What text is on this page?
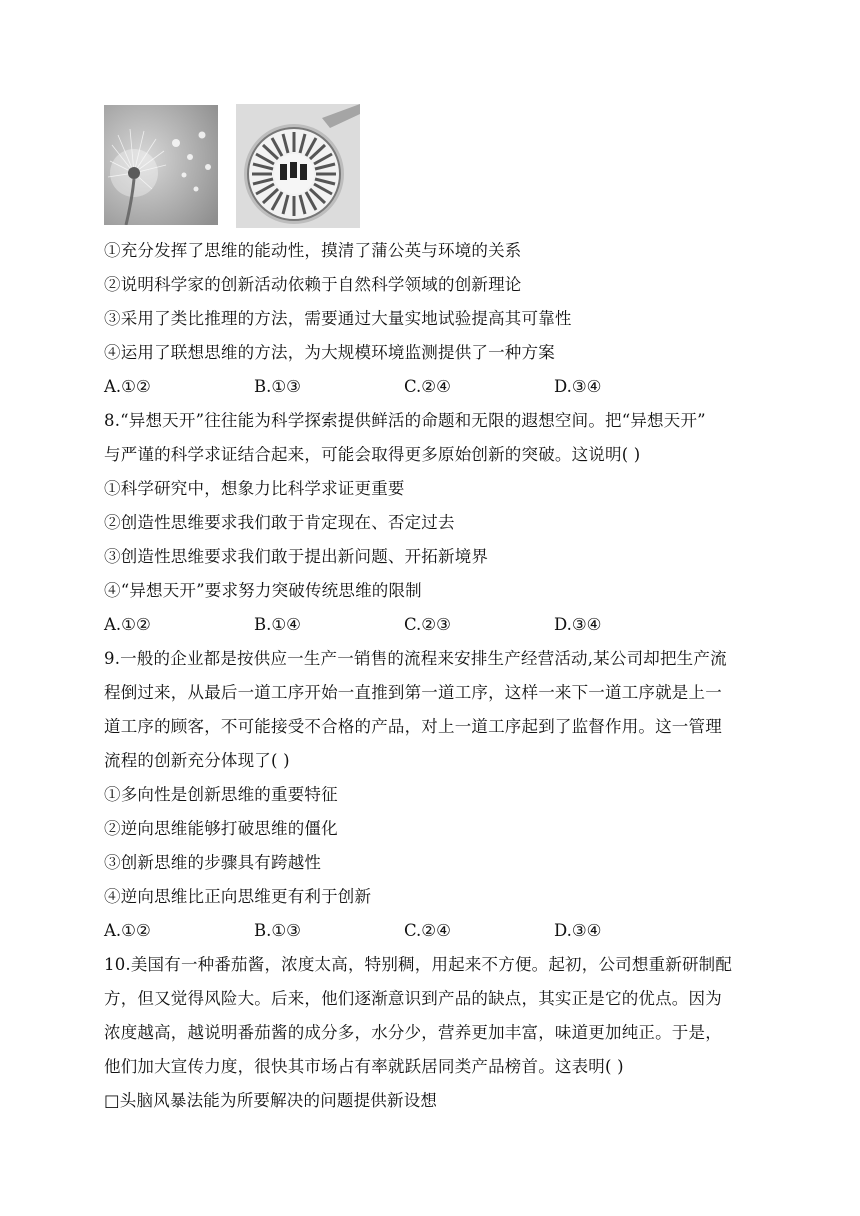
①充分发挥了思维的能动性，摸清了蒲公英与环境的关系
②说明科学家的创新活动依赖于自然科学领域的创新理论
③采用了类比推理的方法，需要通过大量实地试验提高其可靠性
④运用了联想思维的方法，为大规模环境监测提供了一种方案
A.①②	B.①③	C.②④	D.③④
8.“异想天开”往往能为科学探索提供鲜活的命题和无限的遐想空间。把“异想天开”
与严谨的科学求证结合起来，可能会取得更多原始创新的突破。这说明( )
①科学研究中，想象力比科学求证更重要
②创造性思维要求我们敢于肯定现在、否定过去
③创造性思维要求我们敢于提出新问题、开拓新境界
④“异想天开”要求努力突破传统思维的限制
A.①②	B.①④	C.②③	D.③④
9.一般的企业都是按供应一生产一销售的流程来安排生产经营活动,某公司却把生产流
程倒过来，从最后一道工序开始一直推到第一道工序，这样一来下一道工序就是上一
道工序的顾客，不可能接受不合格的产品，对上一道工序起到了监督作用。这一管理
流程的创新充分体现了( )
①多向性是创新思维的重要特征
②逆向思维能够打破思维的僵化
③创新思维的步骤具有跨越性
④逆向思维比正向思维更有利于创新
A.①②	B.①③	C.②④	D.③④
10.美国有一种番茄酱，浓度太高，特别稠，用起来不方便。起初，公司想重新研制配
方，但又觉得风险大。后来，他们逐渐意识到产品的缺点，其实正是它的优点。因为
浓度越高，越说明番茄酱的成分多，水分少，营养更加丰富，味道更加纯正。于是，
他们加大宣传力度，很快其市场占有率就跃居同类产品榜首。这表明( )
□头脑风暴法能为所要解决的问题提供新设想
